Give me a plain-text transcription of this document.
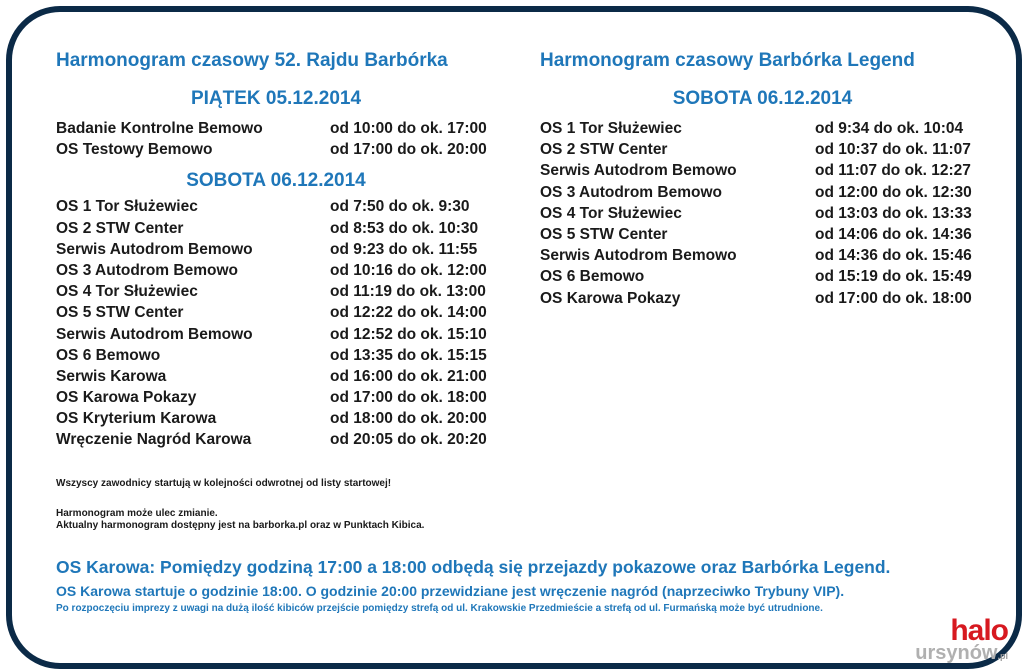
Harmonogram czasowy 52. Rajdu Barbórka
PIĄTEK 05.12.2014
Badanie Kontrolne Bemowo	od 10:00 do ok. 17:00
OS Testowy Bemowo	od 17:00 do ok. 20:00
SOBOTA 06.12.2014
OS 1 Tor Służewiec	od 7:50 do ok. 9:30
OS 2 STW Center	od 8:53 do ok. 10:30
Serwis Autodrom Bemowo	od 9:23 do ok. 11:55
OS 3 Autodrom Bemowo	od 10:16 do ok. 12:00
OS 4 Tor Służewiec	od 11:19 do ok. 13:00
OS 5 STW Center	od 12:22 do ok. 14:00
Serwis Autodrom Bemowo	od 12:52 do ok. 15:10
OS 6 Bemowo	od 13:35 do ok. 15:15
Serwis Karowa	od 16:00 do ok. 21:00
OS Karowa Pokazy	od 17:00 do ok. 18:00
OS Kryterium Karowa	od 18:00 do ok. 20:00
Wręczenie Nagród Karowa	od 20:05 do ok. 20:20
Harmonogram czasowy Barbórka Legend
SOBOTA 06.12.2014
OS 1 Tor Służewiec	od 9:34 do ok. 10:04
OS 2 STW Center	od 10:37 do ok. 11:07
Serwis Autodrom Bemowo	od 11:07 do ok. 12:27
OS 3 Autodrom Bemowo	od 12:00 do ok. 12:30
OS 4 Tor Służewiec	od 13:03 do ok. 13:33
OS 5 STW Center	od 14:06 do ok. 14:36
Serwis Autodrom Bemowo	od 14:36 do ok. 15:46
OS 6 Bemowo	od 15:19 do ok. 15:49
OS Karowa Pokazy	od 17:00 do ok. 18:00
Wszyscy zawodnicy startują w kolejności odwrotnej od listy startowej!
Harmonogram może ulec zmianie.
Aktualny harmonogram dostępny jest na barborka.pl oraz w Punktach Kibica.
OS Karowa: Pomiędzy godziną 17:00 a 18:00 odbędą się przejazdy pokazowe oraz Barbórka Legend.
OS Karowa startuje o godzinie 18:00. O godzinie 20:00 przewidziane jest wręczenie nagród (naprzeciwko Trybuny VIP).
Po rozpoczęciu imprezy z uwagi na dużą ilość kibiców przejście pomiędzy strefą od ul. Krakowskie Przedmieście a strefą od ul. Furmańską może być utrudnione.
halo
ursynów.pl
